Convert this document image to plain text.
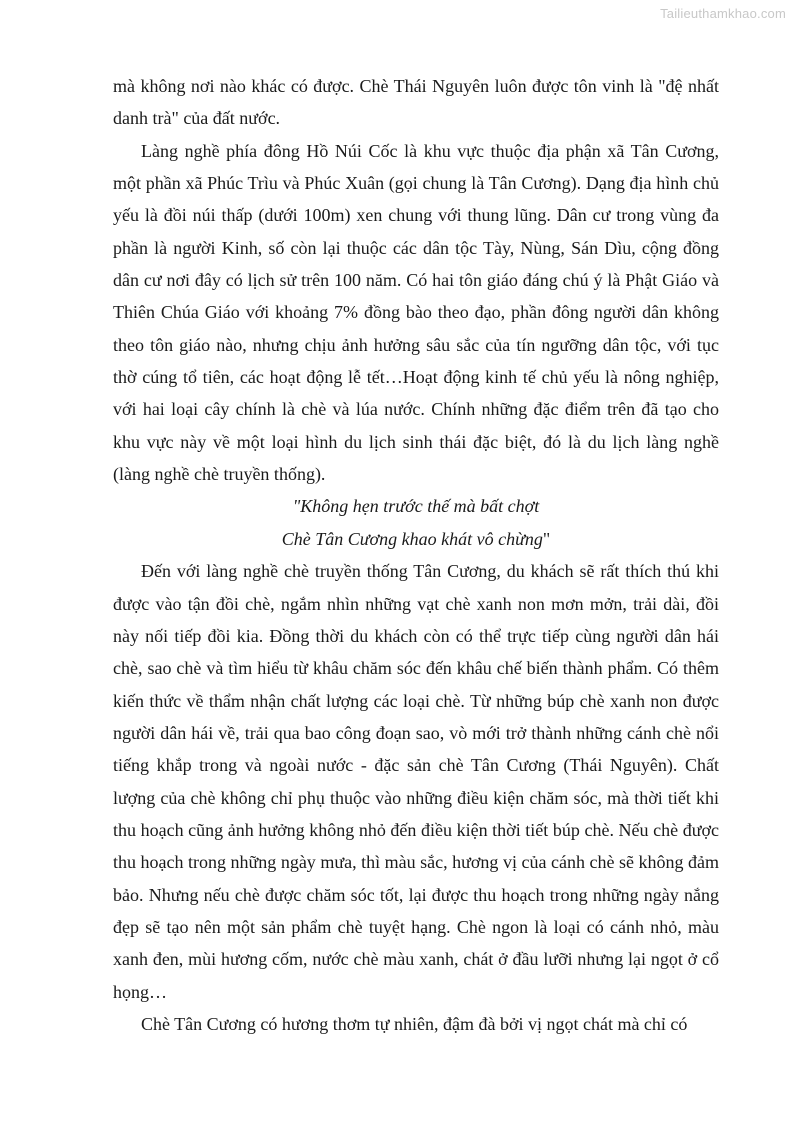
Tailieuthamkhao.com

mà không nơi nào khác có được. Chè Thái Nguyên luôn được tôn vinh là "đệ nhất danh trà" của đất nước.

Làng nghề phía đông Hồ Núi Cốc là khu vực thuộc địa phận xã Tân Cương, một phần xã Phúc Trìu và Phúc Xuân (gọi chung là Tân Cương). Dạng địa hình chủ yếu là đồi núi thấp (dưới 100m) xen chung với thung lũng. Dân cư trong vùng đa phần là người Kinh, số còn lại thuộc các dân tộc Tày, Nùng, Sán Dìu, cộng đồng dân cư nơi đây có lịch sử trên 100 năm. Có hai tôn giáo đáng chú ý là Phật Giáo và Thiên Chúa Giáo với khoảng 7% đồng bào theo đạo, phần đông người dân không theo tôn giáo nào, nhưng chịu ảnh hưởng sâu sắc của tín ngưỡng dân tộc, với tục thờ cúng tổ tiên, các hoạt động lễ tết…Hoạt động kinh tế chủ yếu là nông nghiệp, với hai loại cây chính là chè và lúa nước. Chính những đặc điểm trên đã tạo cho khu vực này về một loại hình du lịch sinh thái đặc biệt, đó là du lịch làng nghề (làng nghề chè truyền thống).

"Không hẹn trước thế mà bất chợt

Chè Tân Cương khao khát vô chừng"

Đến với làng nghề chè truyền thống Tân Cương, du khách sẽ rất thích thú khi được vào tận đồi chè, ngắm nhìn những vạt chè xanh non mơn mởn, trải dài, đồi này nối tiếp đồi kia. Đồng thời du khách còn có thể trực tiếp cùng người dân hái chè, sao chè và tìm hiểu từ khâu chăm sóc đến khâu chế biến thành phẩm. Có thêm kiến thức về thẩm nhận chất lượng các loại chè. Từ những búp chè xanh non được người dân hái về, trải qua bao công đoạn sao, vò mới trở thành những cánh chè nổi tiếng khắp trong và ngoài nước - đặc sản chè Tân Cương (Thái Nguyên). Chất lượng của chè không chỉ phụ thuộc vào những điều kiện chăm sóc, mà thời tiết khi thu hoạch cũng ảnh hưởng không nhỏ đến điều kiện thời tiết búp chè. Nếu chè được thu hoạch trong những ngày mưa, thì màu sắc, hương vị của cánh chè sẽ không đảm bảo. Nhưng nếu chè được chăm sóc tốt, lại được thu hoạch trong những ngày nắng đẹp sẽ tạo nên một sản phẩm chè tuyệt hạng. Chè ngon là loại có cánh nhỏ, màu xanh đen, mùi hương cốm, nước chè màu xanh, chát ở đầu lưỡi nhưng lại ngọt ở cổ họng…

Chè Tân Cương có hương thơm tự nhiên, đậm đà bởi vị ngọt chát mà chỉ có
